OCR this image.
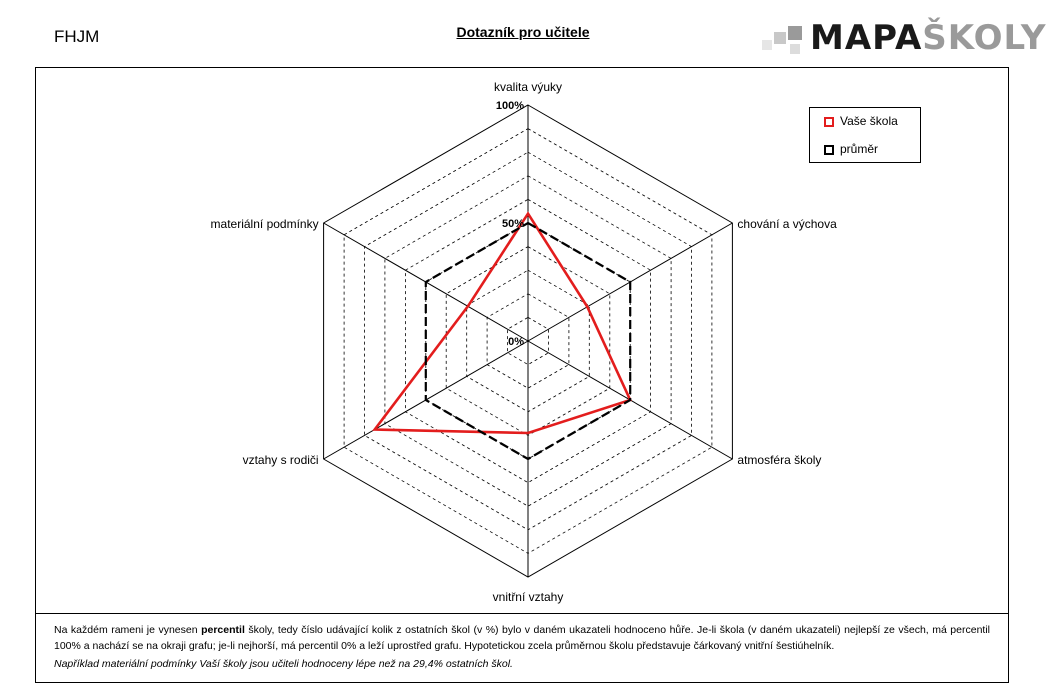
FHJM	Dotazník pro učitele	MAPAŠKOLY
100%
50%
0%
kvalita výuky
chování a výchova
atmosféra školy
vnitřní vztahy
vztahy s rodiči
materiální podmínky
Vaše škola
průměr

Na každém rameni je vynesen percentil školy, tedy číslo udávající kolik z ostatních škol (v %) bylo v daném ukazateli hodnoceno hůře. Je-li škola (v daném ukazateli) nejlepší ze všech, má percentil 100% a nachází se na okraji grafu; je-li nejhorší, má percentil 0% a leží uprostřed grafu. Hypotetickou zcela průměrnou školu představuje čárkovaný vnitřní šestiúhelník.

Například materiální podmínky Vaší školy jsou učiteli hodnoceny lépe než na 29,4% ostatních škol.
